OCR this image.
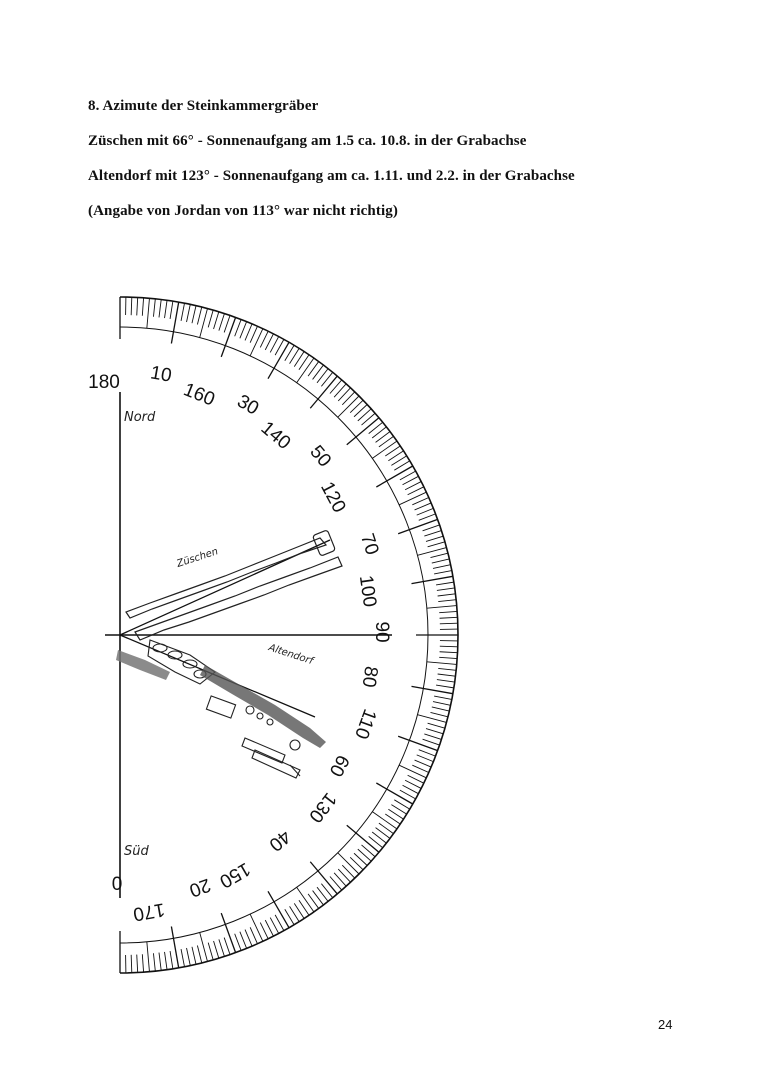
8. Azimute der Steinkammergräber
Züschen mit 66° - Sonnenaufgang am 1.5 ca. 10.8. in der Grabachse
Altendorf mit 123° - Sonnenaufgang am ca. 1.11. und 2.2. in der Grabachse
(Angabe von Jordan von 113° war nicht richtig)
180 10
160 30
140
50
120
70
100
90
80
110
60
130
40
150
20
170
0
Nord
Süd
Züschen
Altendorf
24
